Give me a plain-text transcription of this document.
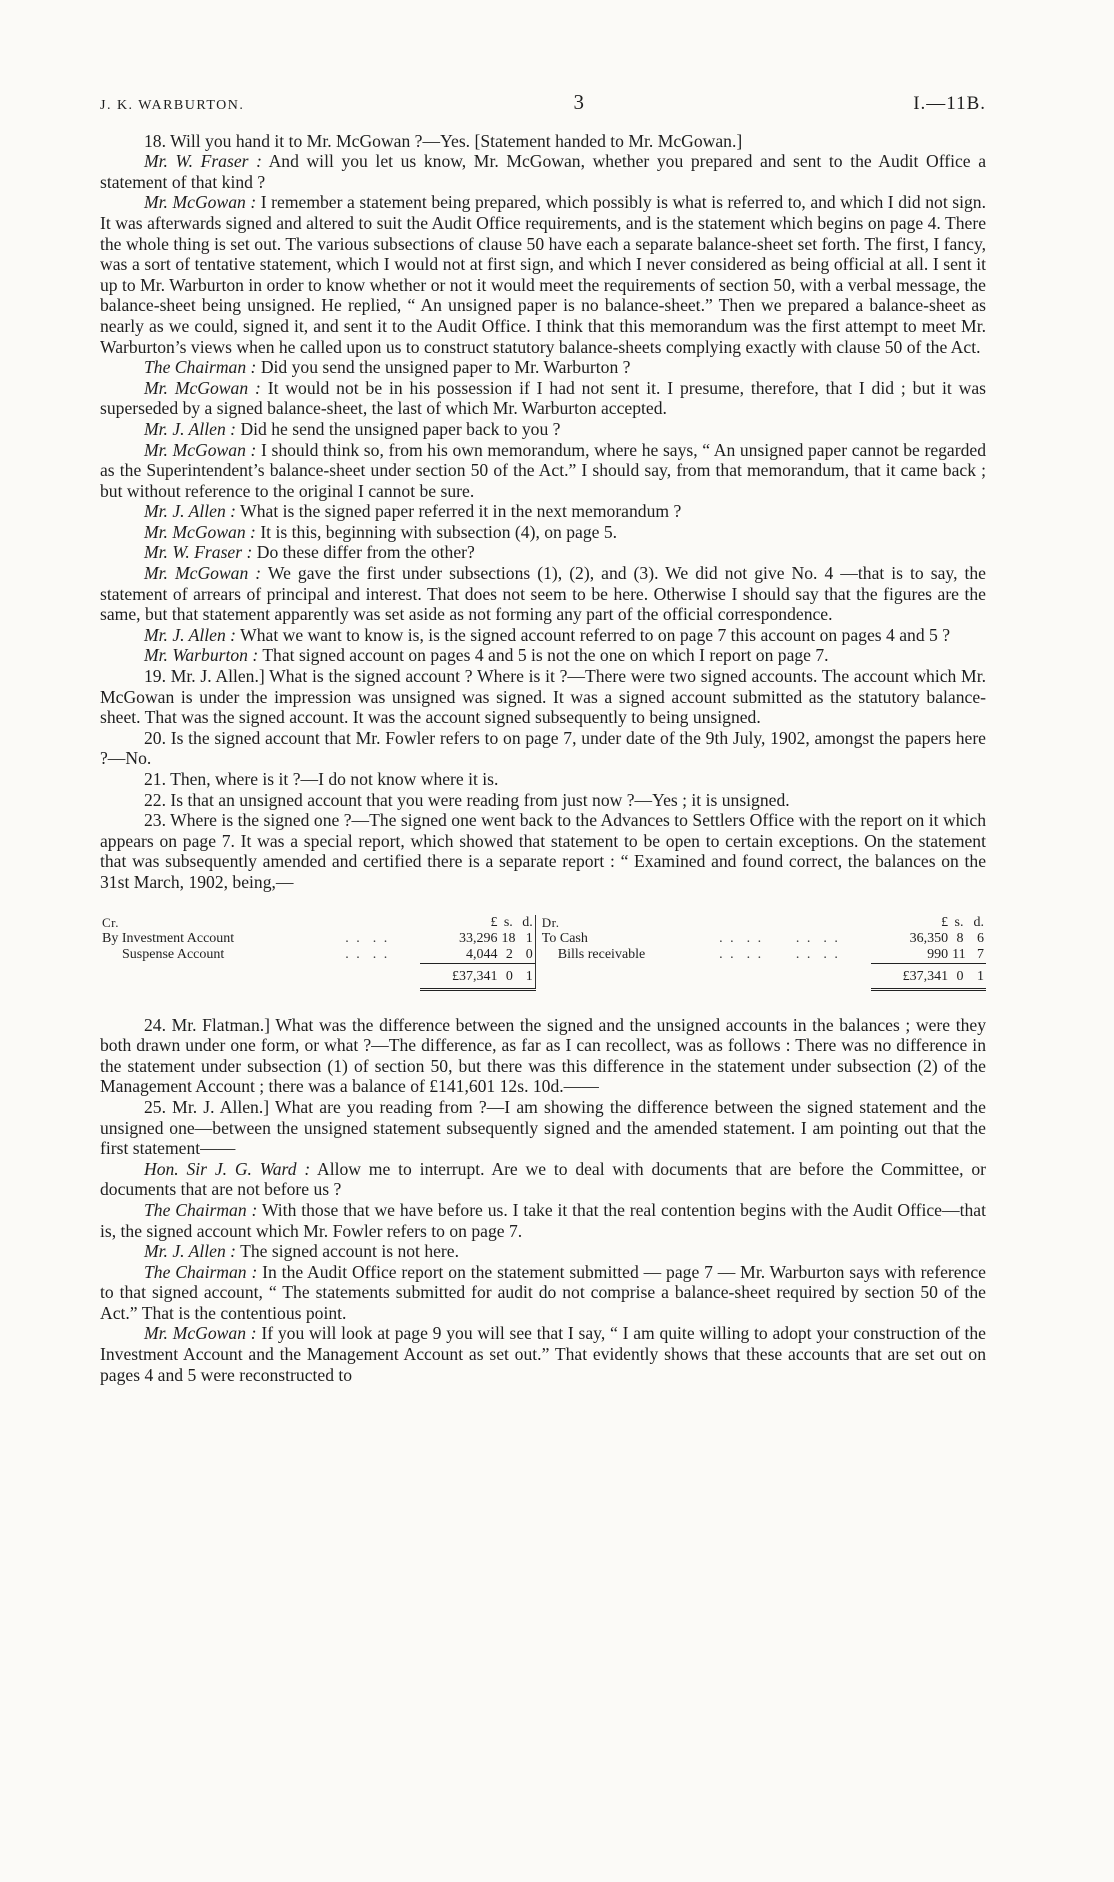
J. K. WARBURTON.	3	I.—11B.

18. Will you hand it to Mr. McGowan ?—Yes. [Statement handed to Mr. McGowan.]

Mr. W. Fraser : And will you let us know, Mr. McGowan, whether you prepared and sent to the Audit Office a statement of that kind ?

Mr. McGowan : I remember a statement being prepared, which possibly is what is referred to, and which I did not sign. It was afterwards signed and altered to suit the Audit Office requirements, and is the statement which begins on page 4. There the whole thing is set out. The various subsections of clause 50 have each a separate balance-sheet set forth. The first, I fancy, was a sort of tentative statement, which I would not at first sign, and which I never considered as being official at all. I sent it up to Mr. Warburton in order to know whether or not it would meet the requirements of section 50, with a verbal message, the balance-sheet being unsigned. He replied, “ An unsigned paper is no balance-sheet.” Then we prepared a balance-sheet as nearly as we could, signed it, and sent it to the Audit Office. I think that this memorandum was the first attempt to meet Mr. Warburton’s views when he called upon us to construct statutory balance-sheets complying exactly with clause 50 of the Act.

The Chairman : Did you send the unsigned paper to Mr. Warburton ?

Mr. McGowan : It would not be in his possession if I had not sent it. I presume, therefore, that I did ; but it was superseded by a signed balance-sheet, the last of which Mr. Warburton accepted.

Mr. J. Allen : Did he send the unsigned paper back to you ?

Mr. McGowan : I should think so, from his own memorandum, where he says, “ An unsigned paper cannot be regarded as the Superintendent’s balance-sheet under section 50 of the Act.” I should say, from that memorandum, that it came back ; but without reference to the original I cannot be sure.

Mr. J. Allen : What is the signed paper referred it in the next memorandum ?

Mr. McGowan : It is this, beginning with subsection (4), on page 5.

Mr. W. Fraser : Do these differ from the other?

Mr. McGowan : We gave the first under subsections (1), (2), and (3). We did not give No. 4 —that is to say, the statement of arrears of principal and interest. That does not seem to be here. Otherwise I should say that the figures are the same, but that statement apparently was set aside as not forming any part of the official correspondence.

Mr. J. Allen : What we want to know is, is the signed account referred to on page 7 this account on pages 4 and 5 ?

Mr. Warburton : That signed account on pages 4 and 5 is not the one on which I report on page 7.

19. Mr. J. Allen.] What is the signed account ? Where is it ?—There were two signed accounts. The account which Mr. McGowan is under the impression was unsigned was signed. It was a signed account submitted as the statutory balance-sheet. That was the signed account. It was the account signed subsequently to being unsigned.

20. Is the signed account that Mr. Fowler refers to on page 7, under date of the 9th July, 1902, amongst the papers here ?—No.

21. Then, where is it ?—I do not know where it is.

22. Is that an unsigned account that you were reading from just now ?—Yes ; it is unsigned.

23. Where is the signed one ?—The signed one went back to the Advances to Settlers Office with the report on it which appears on page 7. It was a special report, which showed that statement to be open to certain exceptions. On the statement that was subsequently amended and certified there is a separate report : “ Examined and found correct, the balances on the 31st March, 1902, being,—

Cr.		£	s.	d.	Dr.			£	s.	d.
By Investment Account	. . . .	33,296	18	1	To Cash	. . . .	. . . .	36,350	8	6
Suspense Account	. . . .	4,044	2	0	Bills receivable	. . . .	. . . .	990	11	7
		£37,341	0	1				£37,341	0	1

24. Mr. Flatman.] What was the difference between the signed and the unsigned accounts in the balances ; were they both drawn under one form, or what ?—The difference, as far as I can recollect, was as follows : There was no difference in the statement under subsection (1) of section 50, but there was this difference in the statement under subsection (2) of the Management Account ; there was a balance of £141,601 12s. 10d.——

25. Mr. J. Allen.] What are you reading from ?—I am showing the difference between the signed statement and the unsigned one—between the unsigned statement subsequently signed and the amended statement. I am pointing out that the first statement——

Hon. Sir J. G. Ward : Allow me to interrupt. Are we to deal with documents that are before the Committee, or documents that are not before us ?

The Chairman : With those that we have before us. I take it that the real contention begins with the Audit Office—that is, the signed account which Mr. Fowler refers to on page 7.

Mr. J. Allen : The signed account is not here.

The Chairman : In the Audit Office report on the statement submitted — page 7 — Mr. Warburton says with reference to that signed account, “ The statements submitted for audit do not comprise a balance-sheet required by section 50 of the Act.” That is the contentious point.

Mr. McGowan : If you will look at page 9 you will see that I say, “ I am quite willing to adopt your construction of the Investment Account and the Management Account as set out.” That evidently shows that these accounts that are set out on pages 4 and 5 were reconstructed to
